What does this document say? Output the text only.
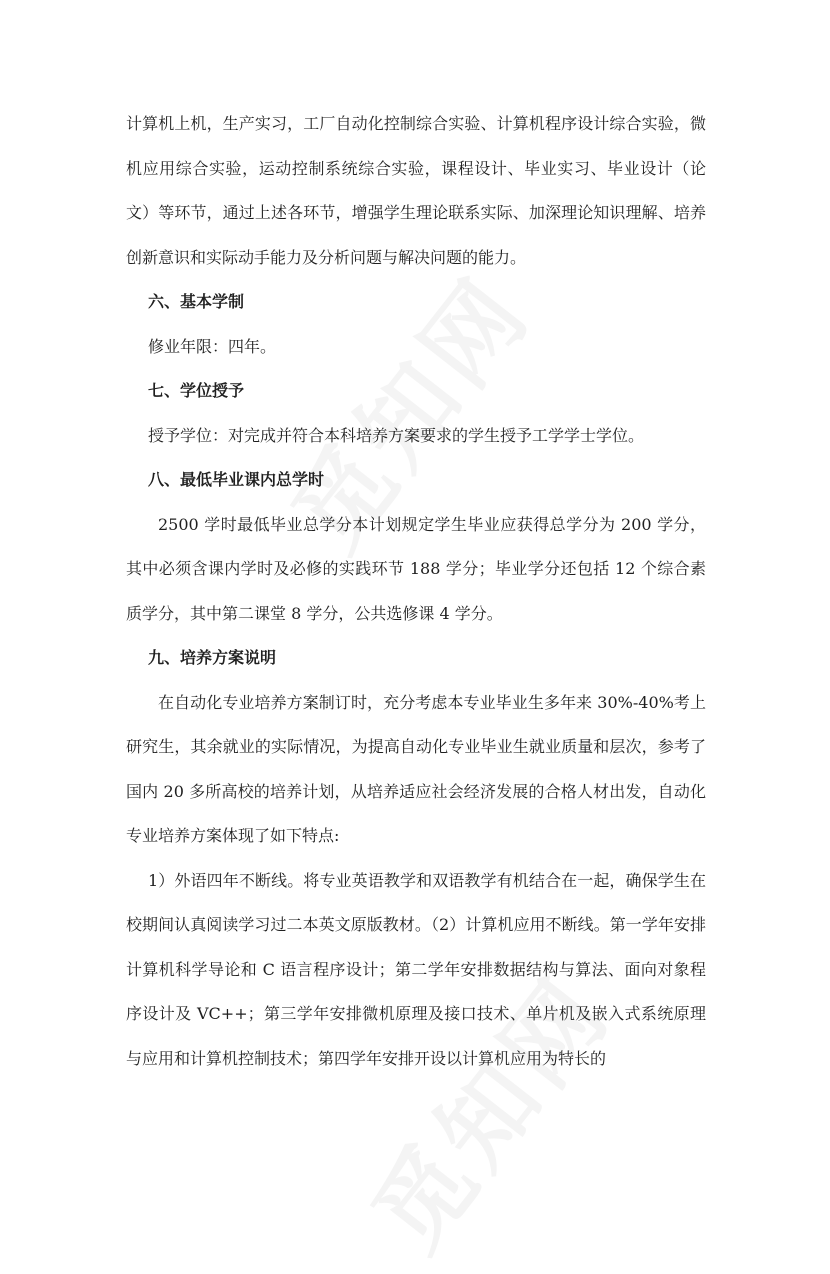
计算机上机，生产实习，工厂自动化控制综合实验、计算机程序设计综合实验，微机应用综合实验，运动控制系统综合实验，课程设计、毕业实习、毕业设计（论文）等环节，通过上述各环节，增强学生理论联系实际、加深理论知识理解、培养创新意识和实际动手能力及分析问题与解决问题的能力。

六、基本学制

修业年限：四年。

七、学位授予

授予学位：对完成并符合本科培养方案要求的学生授予工学学士学位。

八、最低毕业课内总学时

2500 学时最低毕业总学分本计划规定学生毕业应获得总学分为 200 学分，其中必须含课内学时及必修的实践环节 188 学分；毕业学分还包括 12 个综合素质学分，其中第二课堂 8 学分，公共选修课 4 学分。

九、培养方案说明

在自动化专业培养方案制订时，充分考虑本专业毕业生多年来 30%-40%考上研究生，其余就业的实际情况，为提高自动化专业毕业生就业质量和层次，参考了国内 20 多所高校的培养计划，从培养适应社会经济发展的合格人材出发，自动化专业培养方案体现了如下特点:

1）外语四年不断线。将专业英语教学和双语教学有机结合在一起，确保学生在校期间认真阅读学习过二本英文原版教材。（2）计算机应用不断线。第一学年安排计算机科学导论和 C 语言程序设计；第二学年安排数据结构与算法、面向对象程序设计及 VC++；第三学年安排微机原理及接口技术、单片机及嵌入式系统原理与应用和计算机控制技术；第四学年安排开设以计算机应用为特长的
